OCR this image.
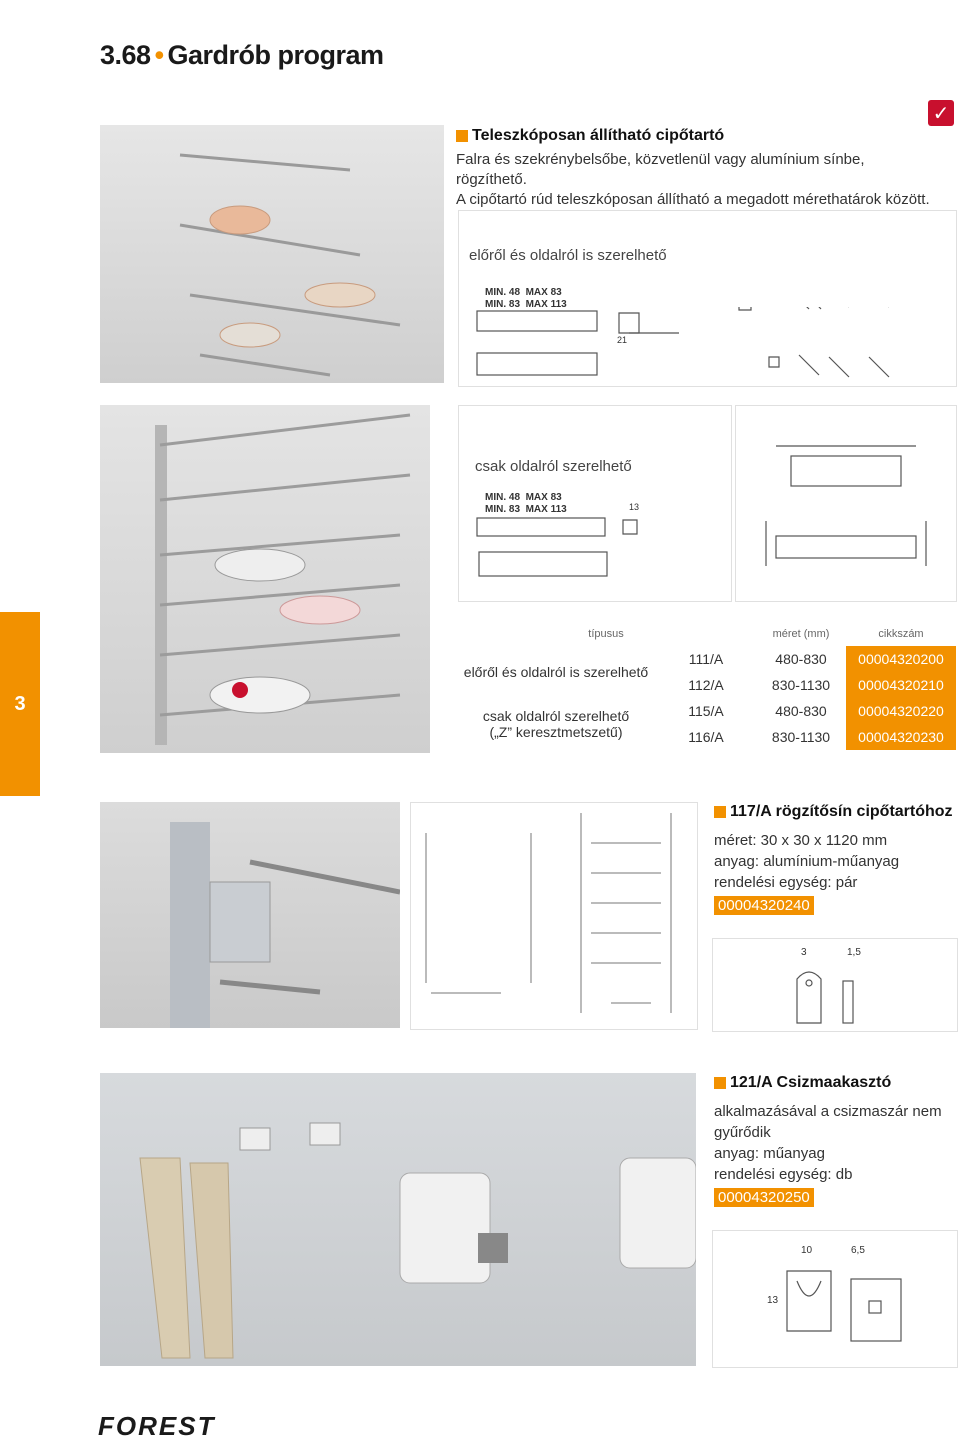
3.68 • Gardrób program
✓
3
Teleszkóposan állítható cipőtartó
Falra és szekrénybelsőbe, közvetlenül vagy alumínium sínbe, rögzíthető.
A cipőtartó rúd teleszkóposan állítható a megadott mérethatárok között.
előről és oldalról is szerelhető
MIN. 48 MAX 83
MIN. 83 MAX 113
21
csak oldalról szerelhető
MIN. 48 MAX 83
MIN. 83 MAX 113	13
típusus		méret (mm)	cikkszám
előről és oldalról is szerelhető	111/A	480-830	00004320200
	112/A	830-1130	00004320210

csak oldalról szerelhető
(„Z” keresztmetszetű)	115/A	480-830	00004320220
	116/A	830-1130	00004320230
117/A rögzítősín cipőtartóhoz
méret: 30 x 30 x 1120 mm
anyag: alumínium-műanyag
rendelési egység: pár
00004320240
3	1,5
121/A Csizmaakasztó
alkalmazásával a csizmaszár nem
gyűrődik
anyag: műanyag
rendelési egység: db
00004320250
10	6,5
13
FOREST
